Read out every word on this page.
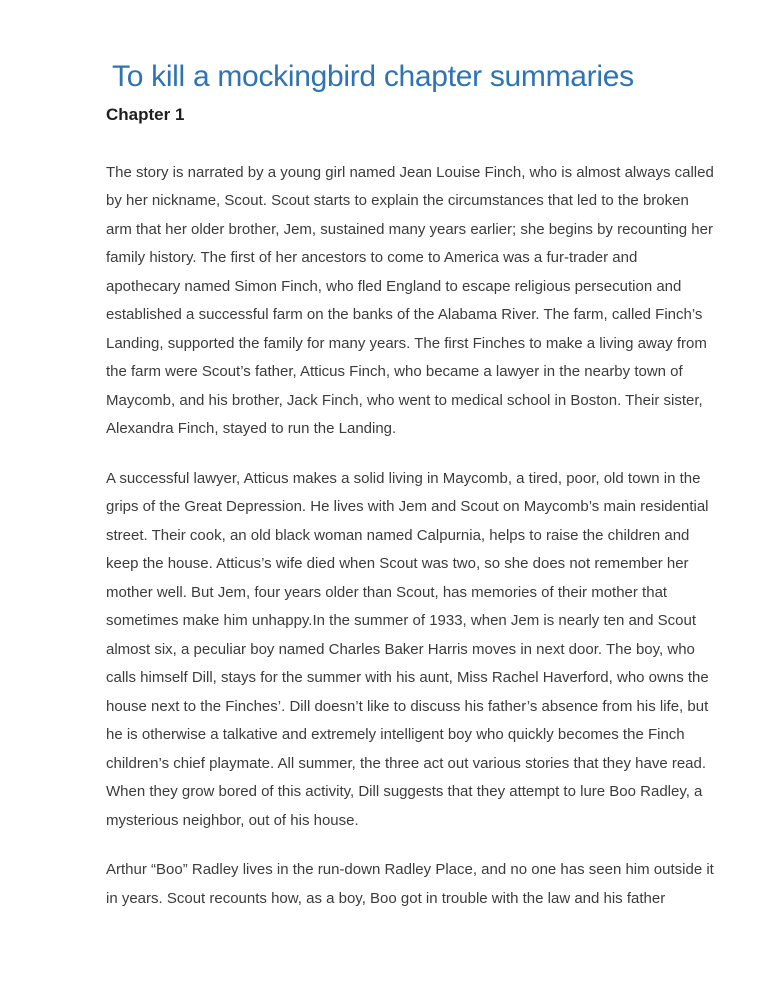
To kill a mockingbird chapter summaries
Chapter 1

The story is narrated by a young girl named Jean Louise Finch, who is almost always called by her nickname, Scout. Scout starts to explain the circumstances that led to the broken arm that her older brother, Jem, sustained many years earlier; she begins by recounting her family history. The first of her ancestors to come to America was a fur-trader and apothecary named Simon Finch, who fled England to escape religious persecution and established a successful farm on the banks of the Alabama River. The farm, called Finch’s Landing, supported the family for many years. The first Finches to make a living away from the farm were Scout’s father, Atticus Finch, who became a lawyer in the nearby town of Maycomb, and his brother, Jack Finch, who went to medical school in Boston. Their sister, Alexandra Finch, stayed to run the Landing.

A successful lawyer, Atticus makes a solid living in Maycomb, a tired, poor, old town in the grips of the Great Depression. He lives with Jem and Scout on Maycomb’s main residential street. Their cook, an old black woman named Calpurnia, helps to raise the children and keep the house. Atticus’s wife died when Scout was two, so she does not remember her mother well. But Jem, four years older than Scout, has memories of their mother that sometimes make him unhappy.In the summer of 1933, when Jem is nearly ten and Scout almost six, a peculiar boy named Charles Baker Harris moves in next door. The boy, who calls himself Dill, stays for the summer with his aunt, Miss Rachel Haverford, who owns the house next to the Finches’. Dill doesn’t like to discuss his father’s absence from his life, but he is otherwise a talkative and extremely intelligent boy who quickly becomes the Finch children’s chief playmate. All summer, the three act out various stories that they have read. When they grow bored of this activity, Dill suggests that they attempt to lure Boo Radley, a mysterious neighbor, out of his house.

Arthur “Boo” Radley lives in the run-down Radley Place, and no one has seen him outside it in years. Scout recounts how, as a boy, Boo got in trouble with the law and his father
